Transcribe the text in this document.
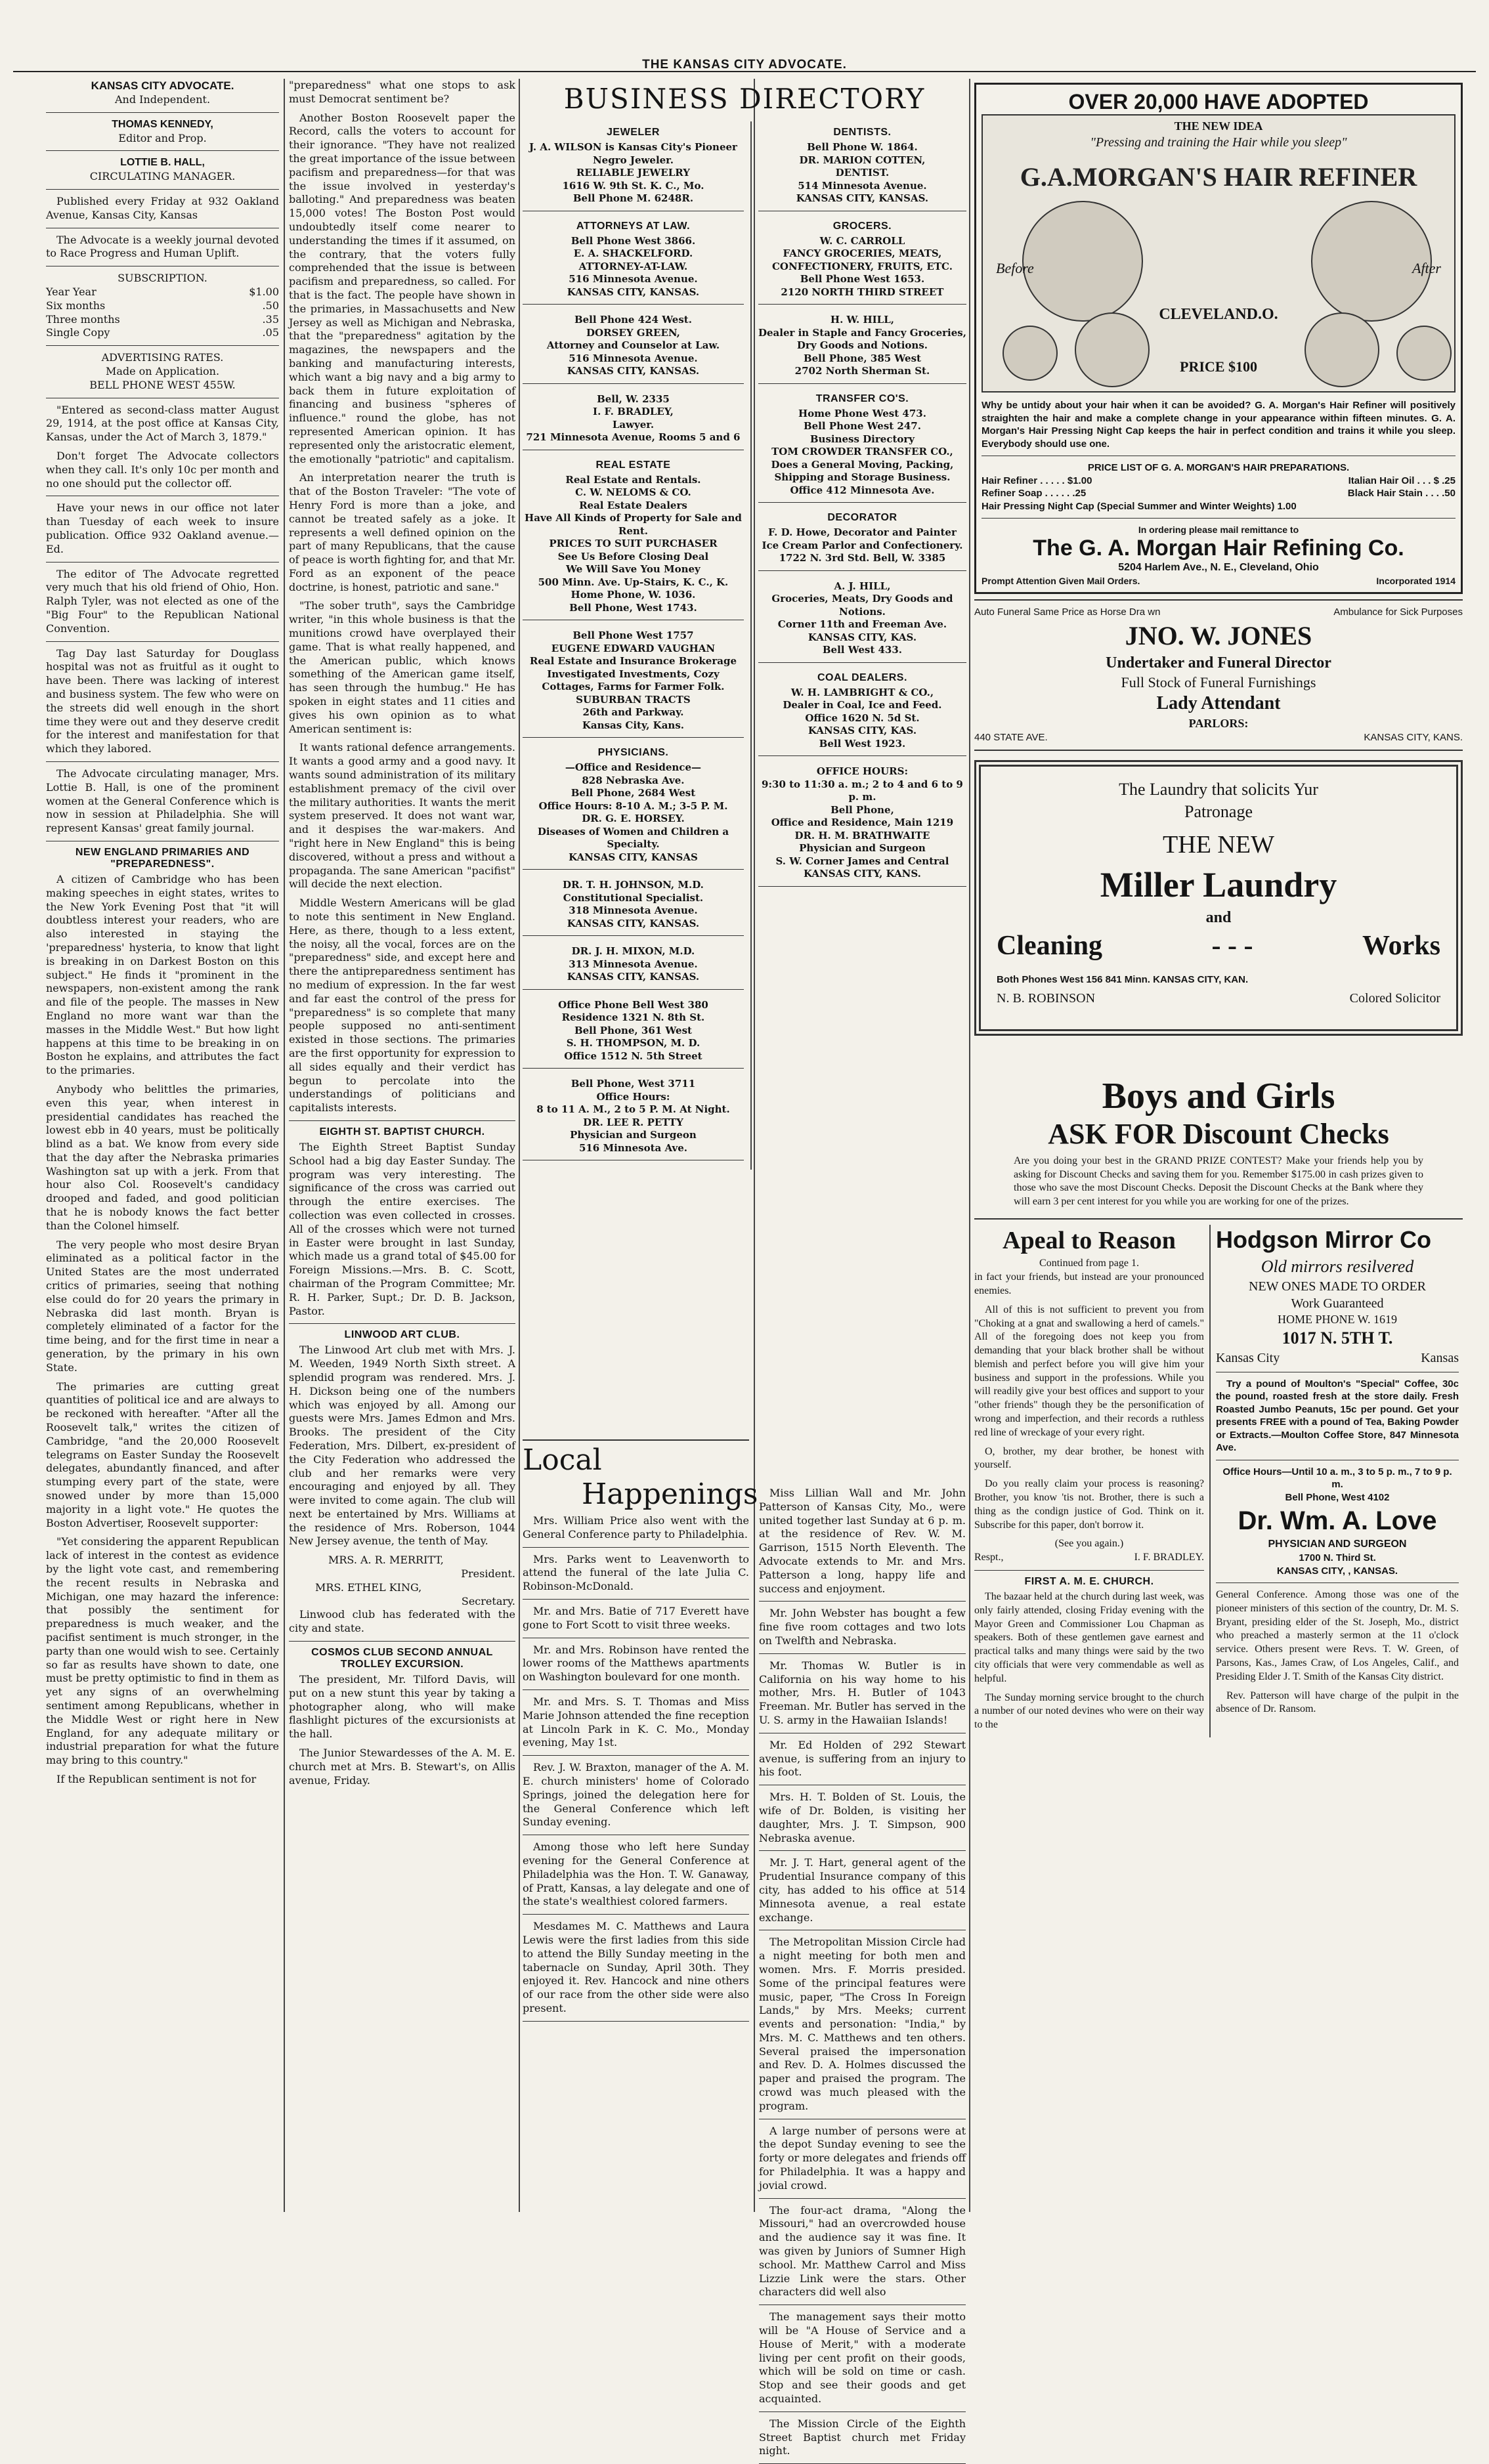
THE KANSAS CITY ADVOCATE.
KANSAS CITY ADVOCATE.
And Independent.
THOMAS KENNEDY,
Editor and Prop.
LOTTIE B. HALL,
CIRCULATING MANAGER.

Published every Friday at 932 Oakland Avenue, Kansas City, Kansas

The Advocate is a weekly journal devoted to Race Progress and Human Uplift.

SUBSCRIPTION.
Year Year	$1.00
Six months	.50
Three months	.35
Single Copy	.05
ADVERTISING RATES.
Made on Application.
BELL PHONE WEST 455W.

"Entered as second-class matter August 29, 1914, at the post office at Kansas City, Kansas, under the Act of March 3, 1879."

Don't forget The Advocate collectors when they call. It's only 10c per month and no one should put the collector off.

Have your news in our office not later than Tuesday of each week to insure publication. Office 932 Oakland avenue.—Ed.

The editor of The Advocate regretted very much that his old friend of Ohio, Hon. Ralph Tyler, was not elected as one of the "Big Four" to the Republican National Convention.

Tag Day last Saturday for Douglass hospital was not as fruitful as it ought to have been. There was lacking of interest and business system. The few who were on the streets did well enough in the short time they were out and they deserve credit for the interest and manifestation for that which they labored.

The Advocate circulating manager, Mrs. Lottie B. Hall, is one of the prominent women at the General Conference which is now in session at Philadelphia. She will represent Kansas' great family journal.

NEW ENGLAND PRIMARIES AND "PREPAREDNESS".

A citizen of Cambridge who has been making speeches in eight states, writes to the New York Evening Post that "it will doubtless interest your readers, who are also interested in staying the 'preparedness' hysteria, to know that light is breaking in on Darkest Boston on this subject." He finds it "prominent in the newspapers, non-existent among the rank and file of the people. The masses in New England no more want war than the masses in the Middle West." But how light happens at this time to be breaking in on Boston he explains, and attributes the fact to the primaries.

Anybody who belittles the primaries, even this year, when interest in presidential candidates has reached the lowest ebb in 40 years, must be politically blind as a bat. We know from every side that the day after the Nebraska primaries Washington sat up with a jerk. From that hour also Col. Roosevelt's candidacy drooped and faded, and good politician that he is nobody knows the fact better than the Colonel himself.

The very people who most desire Bryan eliminated as a political factor in the United States are the most underrated critics of primaries, seeing that nothing else could do for 20 years the primary in Nebraska did last month. Bryan is completely eliminated of a factor for the time being, and for the first time in near a generation, by the primary in his own State.

The primaries are cutting great quantities of political ice and are always to be reckoned with hereafter. "After all the Roosevelt talk," writes the citizen of Cambridge, "and the 20,000 Roosevelt telegrams on Easter Sunday the Roosevelt delegates, abundantly financed, and after stumping every part of the state, were snowed under by more than 15,000 majority in a light vote." He quotes the Boston Advertiser, Roosevelt supporter:

"Yet considering the apparent Republican lack of interest in the contest as evidence by the light vote cast, and remembering the recent results in Nebraska and Michigan, one may hazard the inference: that possibly the sentiment for preparedness is much weaker, and the pacifist sentiment is much stronger, in the party than one would wish to see. Certainly so far as results have shown to date, one must be pretty optimistic to find in them as yet any signs of an overwhelming sentiment among Republicans, whether in the Middle West or right here in New England, for any adequate military or industrial preparation for what the future may bring to this country."

If the Republican sentiment is not for

"preparedness" what one stops to ask must Democrat sentiment be?

Another Boston Roosevelt paper the Record, calls the voters to account for their ignorance. "They have not realized the great importance of the issue between pacifism and preparedness—for that was the issue involved in yesterday's balloting." And preparedness was beaten 15,000 votes! The Boston Post would undoubtedly itself come nearer to understanding the times if it assumed, on the contrary, that the voters fully comprehended that the issue is between pacifism and preparedness, so called. For that is the fact. The people have shown in the primaries, in Massachusetts and New Jersey as well as Michigan and Nebraska, that the "preparedness" agitation by the magazines, the newspapers and the banking and manufacturing interests, which want a big navy and a big army to back them in future exploitation of financing and business "spheres of influence." round the globe, has not represented American opinion. It has represented only the aristocratic element, the emotionally "patriotic" and capitalism.

An interpretation nearer the truth is that of the Boston Traveler: "The vote of Henry Ford is more than a joke, and cannot be treated safely as a joke. It represents a well defined opinion on the part of many Republicans, that the cause of peace is worth fighting for, and that Mr. Ford as an exponent of the peace doctrine, is honest, patriotic and sane."

"The sober truth", says the Cambridge writer, "in this whole business is that the munitions crowd have overplayed their game. That is what really happened, and the American public, which knows something of the American game itself, has seen through the humbug." He has spoken in eight states and 11 cities and gives his own opinion as to what American sentiment is:

It wants rational defence arrangements. It wants a good army and a good navy. It wants sound administration of its military establishment premacy of the civil over the military authorities. It wants the merit system preserved. It does not want war, and it despises the war-makers. And "right here in New England" this is being discovered, without a press and without a propaganda. The sane American "pacifist" will decide the next election.

Middle Western Americans will be glad to note this sentiment in New England. Here, as there, though to a less extent, the noisy, all the vocal, forces are on the "preparedness" side, and except here and there the antipreparedness sentiment has no medium of expression. In the far west and far east the control of the press for "preparedness" is so complete that many people supposed no anti-sentiment existed in those sections. The primaries are the first opportunity for expression to all sides equally and their verdict has begun to percolate into the understandings of politicians and capitalists interests.

EIGHTH ST. BAPTIST CHURCH.

The Eighth Street Baptist Sunday School had a big day Easter Sunday. The program was very interesting. The significance of the cross was carried out through the entire exercises. The collection was even collected in crosses. All of the crosses which were not turned in Easter were brought in last Sunday, which made us a grand total of $45.00 for Foreign Missions.—Mrs. B. C. Scott, chairman of the Program Committee; Mr. R. H. Parker, Supt.; Dr. D. B. Jackson, Pastor.

LINWOOD ART CLUB.

The Linwood Art club met with Mrs. J. M. Weeden, 1949 North Sixth street. A splendid program was rendered. Mrs. J. H. Dickson being one of the numbers which was enjoyed by all. Among our guests were Mrs. James Edmon and Mrs. Brooks. The president of the City Federation, Mrs. Dilbert, ex-president of the City Federation who addressed the club and her remarks were very encouraging and enjoyed by all. They were invited to come again. The club will next be entertained by Mrs. Williams at the residence of Mrs. Roberson, 1044 New Jersey avenue, the tenth of May.

MRS. A. R. MERRITT,
President.
MRS. ETHEL KING,
Secretary.

Linwood club has federated with the city and state.

COSMOS CLUB SECOND ANNUAL TROLLEY EXCURSION.

The president, Mr. Tilford Davis, will put on a new stunt this year by taking a photographer along, who will make flashlight pictures of the excursionists at the hall.

The Junior Stewardesses of the A. M. E. church met at Mrs. B. Stewart's, on Allis avenue, Friday.

BUSINESS DIRECTORY
JEWELER
J. A. WILSON is Kansas City's Pioneer Negro Jeweler.
RELIABLE JEWELRY
1616 W. 9th St. K. C., Mo.
Bell Phone M. 6248R.
ATTORNEYS AT LAW.
Bell Phone West 3866.
E. A. SHACKELFORD.
ATTORNEY-AT-LAW.
516 Minnesota Avenue.
KANSAS CITY, KANSAS.
Bell Phone 424 West.
DORSEY GREEN,
Attorney and Counselor at Law.
516 Minnesota Avenue.
KANSAS CITY, KANSAS.
Bell, W. 2335
I. F. BRADLEY,
Lawyer.
721 Minnesota Avenue, Rooms 5 and 6
REAL ESTATE
Real Estate and Rentals.
C. W. NELOMS & CO.
Real Estate Dealers
Have All Kinds of Property for Sale and Rent.
PRICES TO SUIT PURCHASER
See Us Before Closing Deal
We Will Save You Money
500 Minn. Ave. Up-Stairs, K. C., K.
Home Phone, W. 1036.
Bell Phone, West 1743.
Bell Phone West 1757
EUGENE EDWARD VAUGHAN
Real Estate and Insurance Brokerage
Investigated Investments, Cozy Cottages, Farms for Farmer Folk.
SUBURBAN TRACTS
26th and Parkway.
Kansas City, Kans.
PHYSICIANS.
—Office and Residence—
828 Nebraska Ave.
Bell Phone, 2684 West
Office Hours: 8-10 A. M.; 3-5 P. M.
DR. G. E. HORSEY.
Diseases of Women and Children a Specialty.
KANSAS CITY, KANSAS
DR. T. H. JOHNSON, M.D.
Constitutional Specialist.
318 Minnesota Avenue.
KANSAS CITY, KANSAS.
DR. J. H. MIXON, M.D.
313 Minnesota Avenue.
KANSAS CITY, KANSAS.
Office Phone Bell West 380
Residence 1321 N. 8th St.
Bell Phone, 361 West
S. H. THOMPSON, M. D.
Office 1512 N. 5th Street
Bell Phone, West 3711
Office Hours:
8 to 11 A. M., 2 to 5 P. M. At Night.
DR. LEE R. PETTY
Physician and Surgeon
516 Minnesota Ave.
DENTISTS.
Bell Phone W. 1864.
DR. MARION COTTEN,
DENTIST.
514 Minnesota Avenue.
KANSAS CITY, KANSAS.
GROCERS.
W. C. CARROLL
FANCY GROCERIES, MEATS, CONFECTIONERY, FRUITS, ETC.
Bell Phone West 1653.
2120 NORTH THIRD STREET
H. W. HILL,
Dealer in Staple and Fancy Groceries, Dry Goods and Notions.
Bell Phone, 385 West
2702 North Sherman St.
TRANSFER CO'S.
Home Phone West 473.
Bell Phone West 247.
Business Directory
TOM CROWDER TRANSFER CO.,
Does a General Moving, Packing, Shipping and Storage Business.
Office 412 Minnesota Ave.
DECORATOR
F. D. Howe, Decorator and Painter
Ice Cream Parlor and Confectionery.
1722 N. 3rd Std. Bell, W. 3385
A. J. HILL,
Groceries, Meats, Dry Goods and Notions.
Corner 11th and Freeman Ave.
KANSAS CITY, KAS.
Bell West 433.
COAL DEALERS.
W. H. LAMBRIGHT & CO.,
Dealer in Coal, Ice and Feed.
Office 1620 N. 5d St.
KANSAS CITY, KAS.
Bell West 1923.
OFFICE HOURS:
9:30 to 11:30 a. m.; 2 to 4 and 6 to 9 p. m.
Bell Phone,
Office and Residence, Main 1219
DR. H. M. BRATHWAITE
Physician and Surgeon
S. W. Corner James and Central
KANSAS CITY, KANS.
Local
Happenings

Mrs. William Price also went with the General Conference party to Philadelphia.

Mrs. Parks went to Leavenworth to attend the funeral of the late Julia C. Robinson-McDonald.

Mr. and Mrs. Batie of 717 Everett have gone to Fort Scott to visit three weeks.

Mr. and Mrs. Robinson have rented the lower rooms of the Matthews apartments on Washington boulevard for one month.

Mr. and Mrs. S. T. Thomas and Miss Marie Johnson attended the fine reception at Lincoln Park in K. C. Mo., Monday evening, May 1st.

Rev. J. W. Braxton, manager of the A. M. E. church ministers' home of Colorado Springs, joined the delegation here for the General Conference which left Sunday evening.

Among those who left here Sunday evening for the General Conference at Philadelphia was the Hon. T. W. Ganaway, of Pratt, Kansas, a lay delegate and one of the state's wealthiest colored farmers.

Mesdames M. C. Matthews and Laura Lewis were the first ladies from this side to attend the Billy Sunday meeting in the tabernacle on Sunday, April 30th. They enjoyed it. Rev. Hancock and nine others of our race from the other side were also present.

Miss Lillian Wall and Mr. John Patterson of Kansas City, Mo., were united together last Sunday at 6 p. m. at the residence of Rev. W. M. Garrison, 1515 North Eleventh. The Advocate extends to Mr. and Mrs. Patterson a long, happy life and success and enjoyment.

Mr. John Webster has bought a few fine five room cottages and two lots on Twelfth and Nebraska.

Mr. Thomas W. Butler is in California on his way home to his mother, Mrs. H. Butler of 1043 Freeman. Mr. Butler has served in the U. S. army in the Hawaiian Islands!

Mr. Ed Holden of 292 Stewart avenue, is suffering from an injury to his foot.

Mrs. H. T. Bolden of St. Louis, the wife of Dr. Bolden, is visiting her daughter, Mrs. J. T. Simpson, 900 Nebraska avenue.

Mr. J. T. Hart, general agent of the Prudential Insurance company of this city, has added to his office at 514 Minnesota avenue, a real estate exchange.

The Metropolitan Mission Circle had a night meeting for both men and women. Mrs. F. Morris presided. Some of the principal features were music, paper, "The Cross In Foreign Lands," by Mrs. Meeks; current events and personation: "India," by Mrs. M. C. Matthews and ten others. Several praised the impersonation and Rev. D. A. Holmes discussed the paper and praised the program. The crowd was much pleased with the program.

A large number of persons were at the depot Sunday evening to see the forty or more delegates and friends off for Philadelphia. It was a happy and jovial crowd.

The four-act drama, "Along the Missouri," had an overcrowded house and the audience say it was fine. It was given by Juniors of Sumner High school. Mr. Matthew Carrol and Miss Lizzie Link were the stars. Other characters did well also

The management says their motto will be "A House of Service and a House of Merit," with a moderate living per cent profit on their goods, which will be sold on time or cash. Stop and see their goods and get acquainted.

The Mission Circle of the Eighth Street Baptist church met Friday night.

OVER 20,000 HAVE ADOPTED
THE NEW IDEA
"Pressing and training the Hair while you sleep"
G.A.MORGAN'S HAIR REFINER
Before	After
CLEVELAND.O.
PRICE $100
Why be untidy about your hair when it can be avoided? G. A. Morgan's Hair Refiner will positively straighten the hair and make a complete change in your appearance within fifteen minutes. G. A. Morgan's Hair Pressing Night Cap keeps the hair in perfect condition and trains it while you sleep. Everybody should use one.
PRICE LIST OF G. A. MORGAN'S HAIR PREPARATIONS.
Hair Refiner . . . . . $1.00	Italian Hair Oil . . . $ .25
Refiner Soap . . . . . .25	Black Hair Stain . . . .50
Hair Pressing Night Cap (Special Summer and Winter Weights) 1.00
In ordering please mail remittance to
The G. A. Morgan Hair Refining Co.
5204 Harlem Ave., N. E., Cleveland, Ohio
Prompt Attention Given Mail Orders.	Incorporated 1914
Auto Funeral Same Price as Horse Dra wn	Ambulance for Sick Purposes
JNO. W. JONES
Undertaker and Funeral Director
Full Stock of Funeral Furnishings
Lady Attendant
PARLORS:
440 STATE AVE.	KANSAS CITY, KANS.
The Laundry that solicits Yur
Patronage
THE NEW
Miller Laundry
and
Cleaning	- - -	Works
Both Phones West 156 841 Minn. KANSAS CITY, KAN.
N. B. ROBINSON	Colored Solicitor
Boys and Girls
ASK FOR Discount Checks
Are you doing your best in the GRAND PRIZE CONTEST? Make your friends help you by asking for Discount Checks and saving them for you. Remember $175.00 in cash prizes given to those who save the most Discount Checks. Deposit the Discount Checks at the Bank where they will earn 3 per cent interest for you while you are working for one of the prizes.
Apeal to Reason
Continued from page 1.

in fact your friends, but instead are your pronounced enemies.

All of this is not sufficient to prevent you from "Choking at a gnat and swallowing a herd of camels." All of the foregoing does not keep you from demanding that your black brother shall be without blemish and perfect before you will give him your business and support in the professions. While you will readily give your best offices and support to your "other friends" though they be the personification of wrong and imperfection, and their records a ruthless red line of wreckage of your every right.

O, brother, my dear brother, be honest with yourself.

Do you really claim your process is reasoning? Brother, you know 'tis not. Brother, there is such a thing as the condign justice of God. Think on it. Subscribe for this paper, don't borrow it.

(See you again.)
Respt.,	I. F. BRADLEY.
FIRST A. M. E. CHURCH.

The bazaar held at the church during last week, was only fairly attended, closing Friday evening with the Mayor Green and Commissioner Lou Chapman as speakers. Both of these gentlemen gave earnest and practical talks and many things were said by the two city officials that were very commendable as well as helpful.

The Sunday morning service brought to the church a number of our noted devines who were on their way to the

Hodgson Mirror Co
Old mirrors resilvered
NEW ONES MADE TO ORDER
Work Guaranteed
HOME PHONE W. 1619
1017 N. 5TH T.
Kansas City	Kansas

Try a pound of Moulton's "Special" Coffee, 30c the pound, roasted fresh at the store daily. Fresh Roasted Jumbo Peanuts, 15c per pound. Get your presents FREE with a pound of Tea, Baking Powder or Extracts.—Moulton Coffee Store, 847 Minnesota Ave.

Office Hours—Until 10 a. m., 3 to 5 p. m., 7 to 9 p. m.
Bell Phone, West 4102
Dr. Wm. A. Love
PHYSICIAN AND SURGEON
1700 N. Third St.
KANSAS CITY, , KANSAS.

General Conference. Among those was one of the pioneer ministers of this section of the country, Dr. M. S. Bryant, presiding elder of the St. Joseph, Mo., district who preached a masterly sermon at the 11 o'clock service. Others present were Revs. T. W. Green, of Parsons, Kas., James Craw, of Los Angeles, Calif., and Presiding Elder J. T. Smith of the Kansas City district.

Rev. Patterson will have charge of the pulpit in the absence of Dr. Ransom.
